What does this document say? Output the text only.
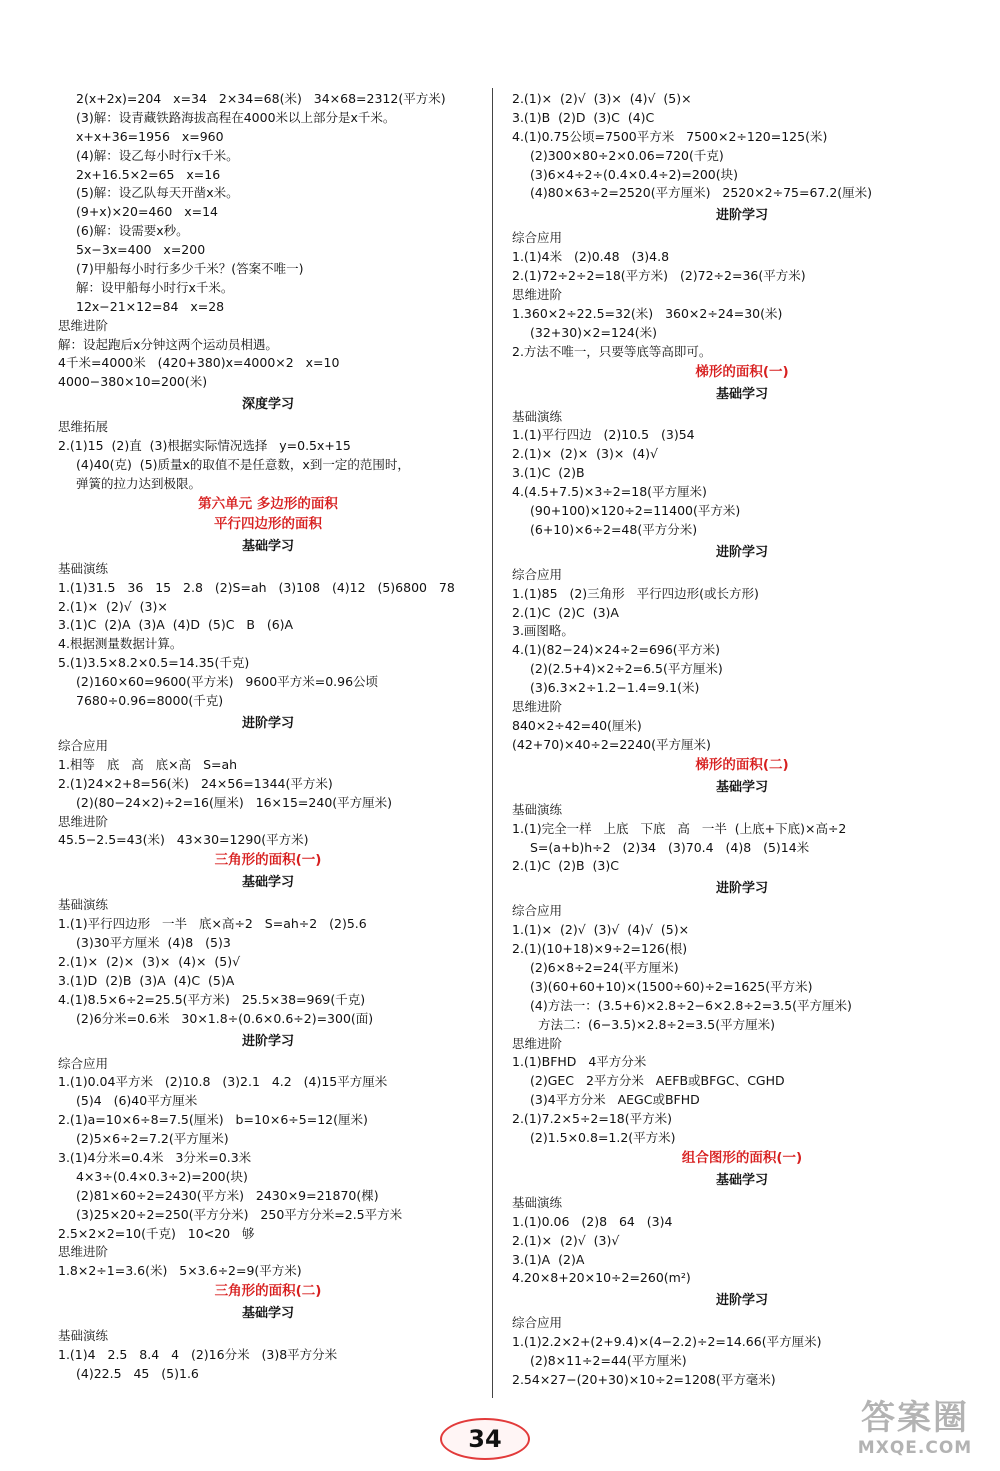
2(x+2x)=204   x=34   2×34=68(米)   34×68=2312(平方米)
(3)解：设青藏铁路海拔高程在4000米以上部分是x千米。
x+x+36=1956   x=960
(4)解：设乙每小时行x千米。
2x+16.5×2=65   x=16
(5)解：设乙队每天开凿x米。
(9+x)×20=460   x=14
(6)解：设需要x秒。
5x−3x=400   x=200
(7)甲船每小时行多少千米？(答案不唯一)
解：设甲船每小时行x千米。
12x−21×12=84   x=28
思维进阶
解：设起跑后x分钟这两个运动员相遇。
4千米=4000米   (420+380)x=4000×2   x=10
4000−380×10=200(米)
深度学习
思维拓展
2.(1)15  (2)直  (3)根据实际情况选择   y=0.5x+15
(4)40(克)  (5)质量x的取值不是任意数，x到一定的范围时，
弹簧的拉力达到极限。
第六单元 多边形的面积
平行四边形的面积
基础学习
基础演练
1.(1)31.5   36   15   2.8   (2)S=ah   (3)108   (4)12   (5)6800   78
2.(1)×  (2)√  (3)×
3.(1)C  (2)A  (3)A  (4)D  (5)C   B   (6)A
4.根据测量数据计算。
5.(1)3.5×8.2×0.5=14.35(千克)
(2)160×60=9600(平方米)   9600平方米=0.96公顷
7680÷0.96=8000(千克)
进阶学习
综合应用
1.相等   底   高   底×高   S=ah
2.(1)24×2+8=56(米)   24×56=1344(平方米)
(2)(80−24×2)÷2=16(厘米)   16×15=240(平方厘米)
思维进阶
45.5−2.5=43(米)   43×30=1290(平方米)
三角形的面积(一)
基础学习
基础演练
1.(1)平行四边形   一半   底×高÷2   S=ah÷2   (2)5.6
(3)30平方厘米  (4)8   (5)3
2.(1)×  (2)×  (3)×  (4)×  (5)√
3.(1)D  (2)B  (3)A  (4)C  (5)A
4.(1)8.5×6÷2=25.5(平方米)   25.5×38=969(千克)
(2)6分米=0.6米   30×1.8÷(0.6×0.6÷2)=300(面)
进阶学习
综合应用
1.(1)0.04平方米   (2)10.8   (3)2.1   4.2   (4)15平方厘米
(5)4   (6)40平方厘米
2.(1)a=10×6÷8=7.5(厘米)   b=10×6÷5=12(厘米)
(2)5×6÷2=7.2(平方厘米)
3.(1)4分米=0.4米   3分米=0.3米
4×3÷(0.4×0.3÷2)=200(块)
(2)81×60÷2=2430(平方米)   2430×9=21870(棵)
(3)25×20÷2=250(平方分米)   250平方分米=2.5平方米
2.5×2×2=10(千克)   10<20   够
思维进阶
1.8×2÷1=3.6(米)   5×3.6÷2=9(平方米)
三角形的面积(二)
基础学习
基础演练
1.(1)4   2.5   8.4   4   (2)16分米   (3)8平方分米
(4)22.5   45   (5)1.6
2.(1)×  (2)√  (3)×  (4)√  (5)×
3.(1)B  (2)D  (3)C  (4)C
4.(1)0.75公顷=7500平方米   7500×2÷120=125(米)
(2)300×80÷2×0.06=720(千克)
(3)6×4÷2÷(0.4×0.4÷2)=200(块)
(4)80×63÷2=2520(平方厘米)   2520×2÷75=67.2(厘米)
进阶学习
综合应用
1.(1)4米   (2)0.48   (3)4.8
2.(1)72÷2÷2=18(平方米)   (2)72÷2=36(平方米)
思维进阶
1.360×2÷22.5=32(米)   360×2÷24=30(米)
(32+30)×2=124(米)
2.方法不唯一，只要等底等高即可。
梯形的面积(一)
基础学习
基础演练
1.(1)平行四边   (2)10.5   (3)54
2.(1)×  (2)×  (3)×  (4)√
3.(1)C  (2)B
4.(4.5+7.5)×3÷2=18(平方厘米)
(90+100)×120÷2=11400(平方米)
(6+10)×6÷2=48(平方分米)
进阶学习
综合应用
1.(1)85   (2)三角形   平行四边形(或长方形)
2.(1)C  (2)C  (3)A
3.画图略。
4.(1)(82−24)×24÷2=696(平方米)
(2)(2.5+4)×2÷2=6.5(平方厘米)
(3)6.3×2÷1.2−1.4=9.1(米)
思维进阶
840×2÷42=40(厘米)
(42+70)×40÷2=2240(平方厘米)
梯形的面积(二)
基础学习
基础演练
1.(1)完全一样   上底   下底   高   一半  (上底+下底)×高÷2
S=(a+b)h÷2   (2)34   (3)70.4   (4)8   (5)14米
2.(1)C  (2)B  (3)C
进阶学习
综合应用
1.(1)×  (2)√  (3)√  (4)√  (5)×
2.(1)(10+18)×9÷2=126(根)
(2)6×8÷2=24(平方厘米)
(3)(60+60+10)×(1500÷60)÷2=1625(平方米)
(4)方法一：(3.5+6)×2.8÷2−6×2.8÷2=3.5(平方厘米)
方法二：(6−3.5)×2.8÷2=3.5(平方厘米)
思维进阶
1.(1)BFHD   4平方分米
(2)GEC   2平方分米   AEFB或BFGC、CGHD
(3)4平方分米   AEGC或BFHD
2.(1)7.2×5÷2=18(平方米)
(2)1.5×0.8=1.2(平方米)
组合图形的面积(一)
基础学习
基础演练
1.(1)0.06   (2)8   64   (3)4
2.(1)×  (2)√  (3)√
3.(1)A  (2)A
4.20×8+20×10÷2=260(m²)
进阶学习
综合应用
1.(1)2.2×2+(2+9.4)×(4−2.2)÷2=14.66(平方厘米)
(2)8×11÷2=44(平方厘米)
2.54×27−(20+30)×10÷2=1208(平方毫米)
34
答案圈
MXQE.COM
